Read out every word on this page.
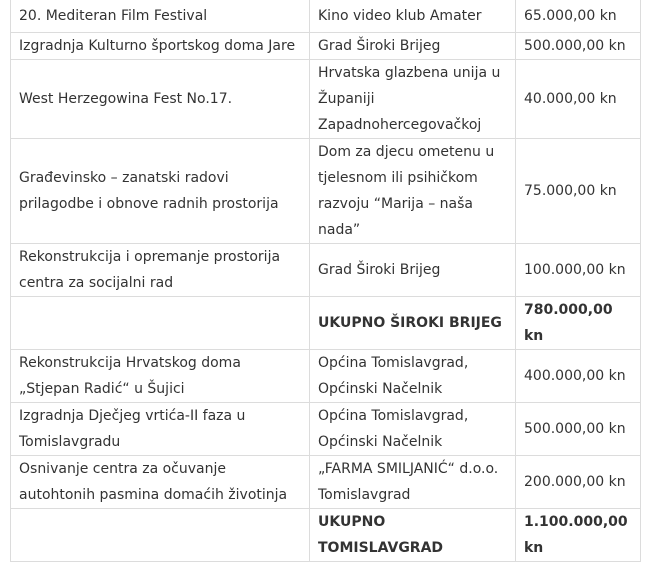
20. Mediteran Film Festival	Kino video klub Amater	65.000,00 kn
Izgradnja Kulturno športskog doma Jare	Grad Široki Brijeg	500.000,00 kn
West Herzegowina Fest No.17.	Hrvatska glazbena unija u Županiji Zapadnohercegovačkoj	40.000,00 kn
Građevinsko – zanatski radovi prilagodbe i obnove radnih prostorija	Dom za djecu ometenu u tjelesnom ili psihičkom razvoju “Marija – naša nada”	75.000,00 kn
Rekonstrukcija i opremanje prostorija centra za socijalni rad	Grad Široki Brijeg	100.000,00 kn
	UKUPNO ŠIROKI BRIJEG	780.000,00 kn
Rekonstrukcija Hrvatskog doma „Stjepan Radić“ u Šujici	Općina Tomislavgrad, Općinski Načelnik	400.000,00 kn
Izgradnja Dječjeg vrtića-II faza u Tomislavgradu	Općina Tomislavgrad, Općinski Načelnik	500.000,00 kn
Osnivanje centra za očuvanje autohtonih pasmina domaćih životinja	„FARMA SMILJANIĆ“ d.o.o. Tomislavgrad	200.000,00 kn
	UKUPNO TOMISLAVGRAD	1.100.000,00 kn
